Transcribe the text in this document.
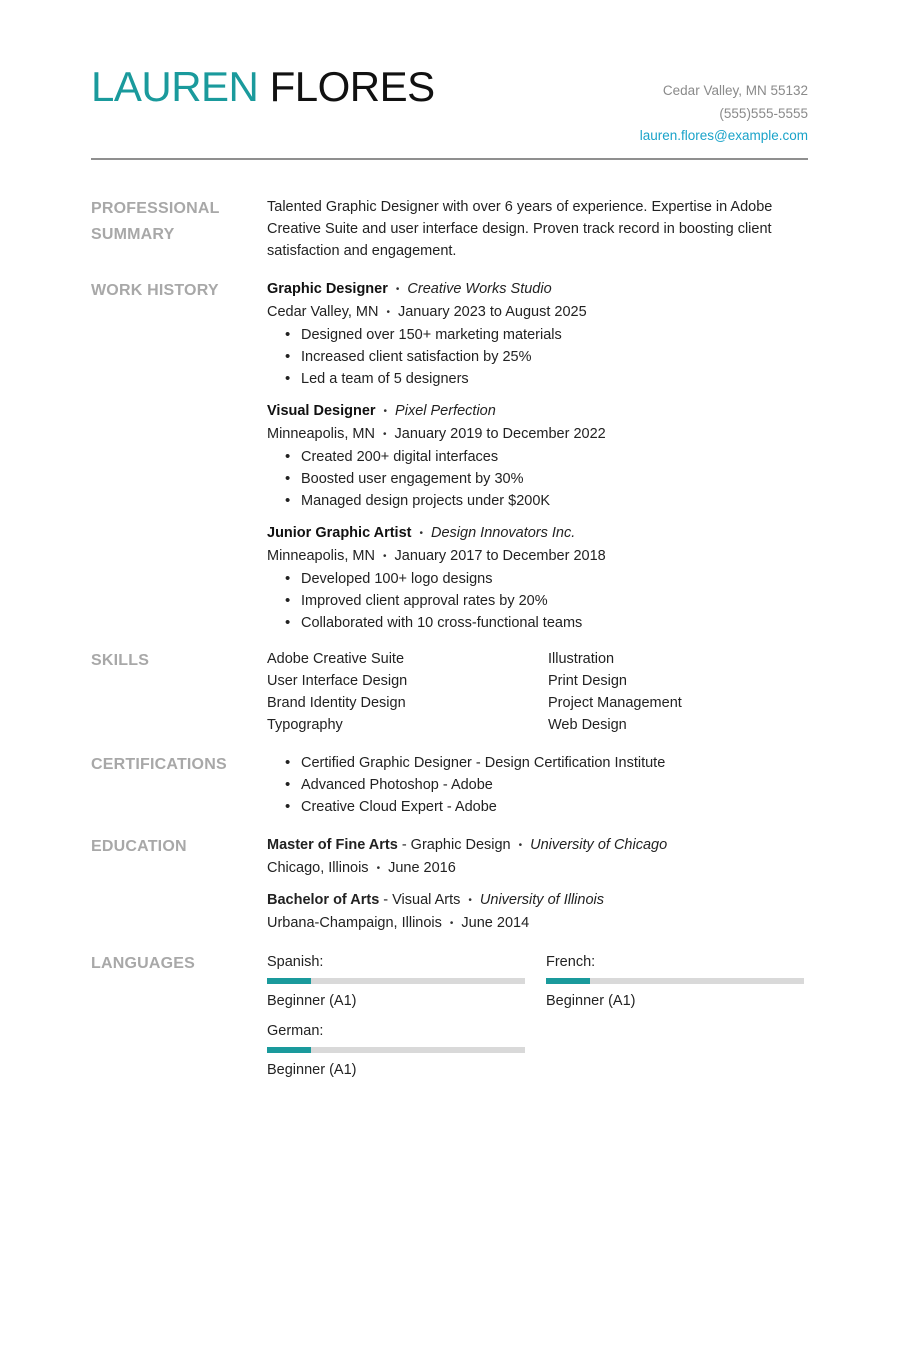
LAUREN FLORES	Cedar Valley, MN 55132
(555)555-5555
lauren.flores@example.com
PROFESSIONAL
SUMMARY
Talented Graphic Designer with over 6 years of experience. Expertise in Adobe Creative Suite and user interface design. Proven track record in boosting client satisfaction and engagement.
WORK HISTORY	Graphic Designer • Creative Works Studio
Cedar Valley, MN • January 2023 to August 2025
• Designed over 150+ marketing materials
• Increased client satisfaction by 25%
• Led a team of 5 designers
Visual Designer • Pixel Perfection
Minneapolis, MN • January 2019 to December 2022
• Created 200+ digital interfaces
• Boosted user engagement by 30%
• Managed design projects under $200K
Junior Graphic Artist • Design Innovators Inc.
Minneapolis, MN • January 2017 to December 2018
• Developed 100+ logo designs
• Improved client approval rates by 20%
• Collaborated with 10 cross-functional teams
SKILLS	Adobe Creative Suite	Illustration
User Interface Design	Print Design
Brand Identity Design	Project Management
Typography	Web Design
CERTIFICATIONS
•	Certified Graphic Designer - Design Certification Institute
• Advanced Photoshop - Adobe
• Creative Cloud Expert - Adobe
EDUCATION	Master of Fine Arts - Graphic Design • University of Chicago
Chicago, Illinois • June 2016
Bachelor of Arts - Visual Arts • University of Illinois
Urbana-Champaign, Illinois • June 2014
LANGUAGES	Spanish:
Beginner (A1)
French:
Beginner (A1)
German:
Beginner (A1)
